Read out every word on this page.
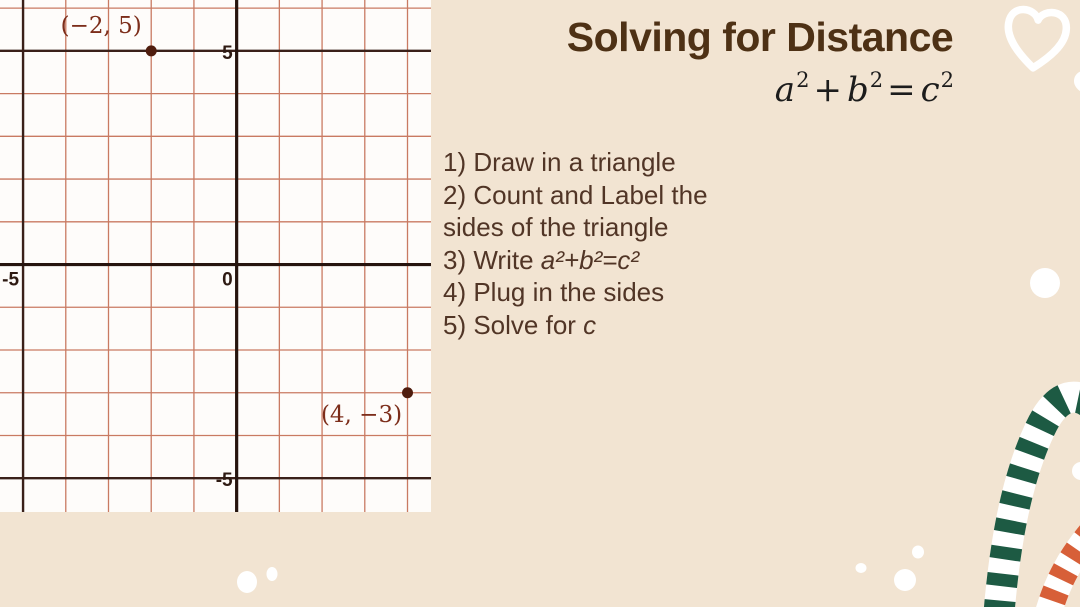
-5	0
5
-5
(−2, 5)
(4, −3)
Solving for Distance
$a^2 + b^2 = c^2$
1) Draw in a triangle
2) Count and Label the
sides of the triangle
3) Write a²+b²=c²
4) Plug in the sides
5) Solve for c
